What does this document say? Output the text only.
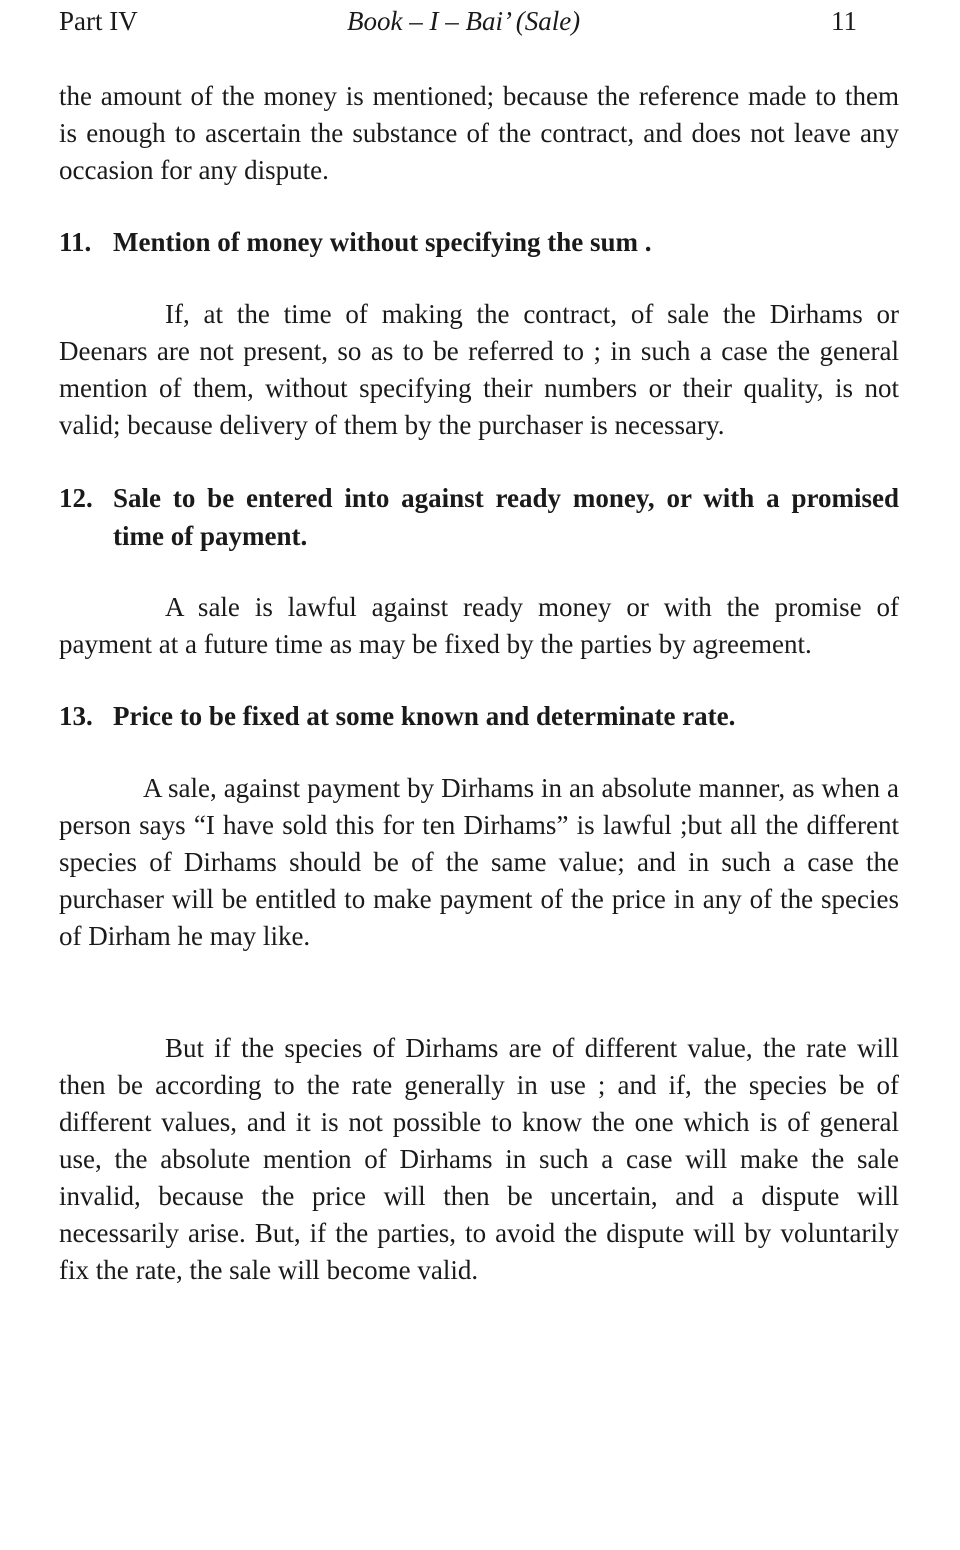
Part IV	Book – I – Bai’ (Sale)	11

the amount of the money is mentioned; because the reference made to them is enough to ascertain the substance of the contract, and does not leave any occasion for any dispute.

11. Mention of money without specifying the sum .

If, at the time of making the contract, of sale the Dirhams or Deenars are not present, so as to be referred to ; in such a case the general mention of them, without specifying their numbers or their quality, is not valid; because delivery of them by the purchaser is necessary.

12. Sale to be entered into against ready money, or with a promised time of payment.

A sale is lawful against ready money or with the promise of payment at a future time as may be fixed by the parties by agreement.

13. Price to be fixed at some known and determinate rate.

A sale, against payment by Dirhams in an absolute manner, as when a person says “I have sold this for ten Dirhams” is lawful ;but all the different species of Dirhams should be of the same value; and in such a case the purchaser will be entitled to make payment of the price in any of the species of Dirham he may like.

But if the species of Dirhams are of different value, the rate will then be according to the rate generally in use ; and if, the species be of different values, and it is not possible to know the one which is of general use, the absolute mention of Dirhams in such a case will make the sale invalid, because the price will then be uncertain, and a dispute will necessarily arise. But, if the parties, to avoid the dispute will by voluntarily fix the rate, the sale will become valid.
